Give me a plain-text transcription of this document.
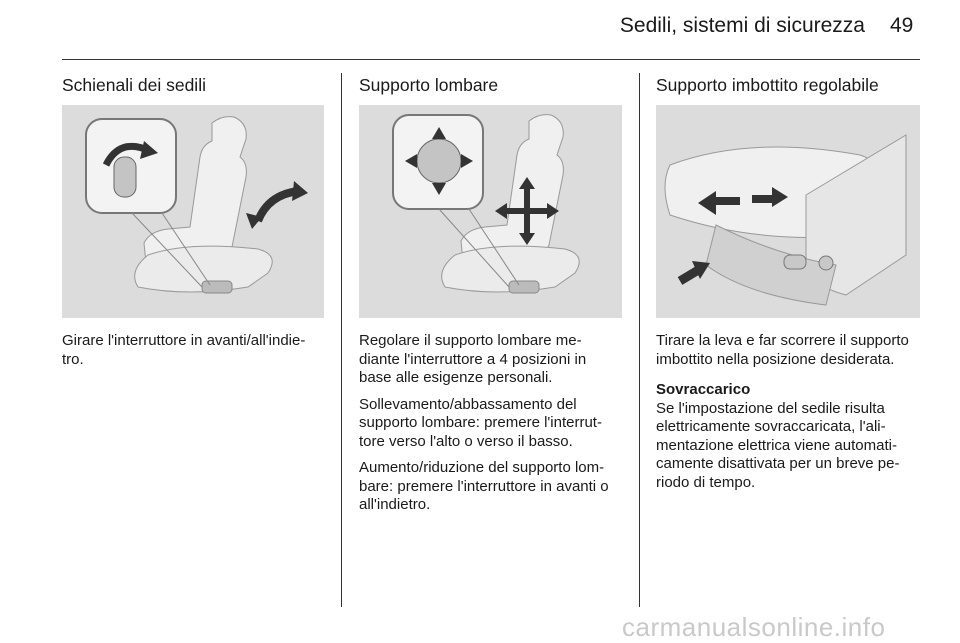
Sedili, sistemi di sicurezza 49
Schienali dei sedili

Girare l'interruttore in avanti/all'indie-tro.

Supporto lombare

Regolare il supporto lombare me-diante l'interruttore a 4 posizioni in base alle esigenze personali.

Sollevamento/abbassamento del supporto lombare: premere l'interrut-tore verso l'alto o verso il basso.

Aumento/riduzione del supporto lom-bare: premere l'interruttore in avanti o all'indietro.

Supporto imbottito regolabile

Tirare la leva e far scorrere il supporto imbottito nella posizione desiderata.

Sovraccarico

Se l'impostazione del sedile risulta elettricamente sovraccaricata, l'ali-mentazione elettrica viene automati-camente disattivata per un breve pe-riodo di tempo.

carmanualsonline.info
